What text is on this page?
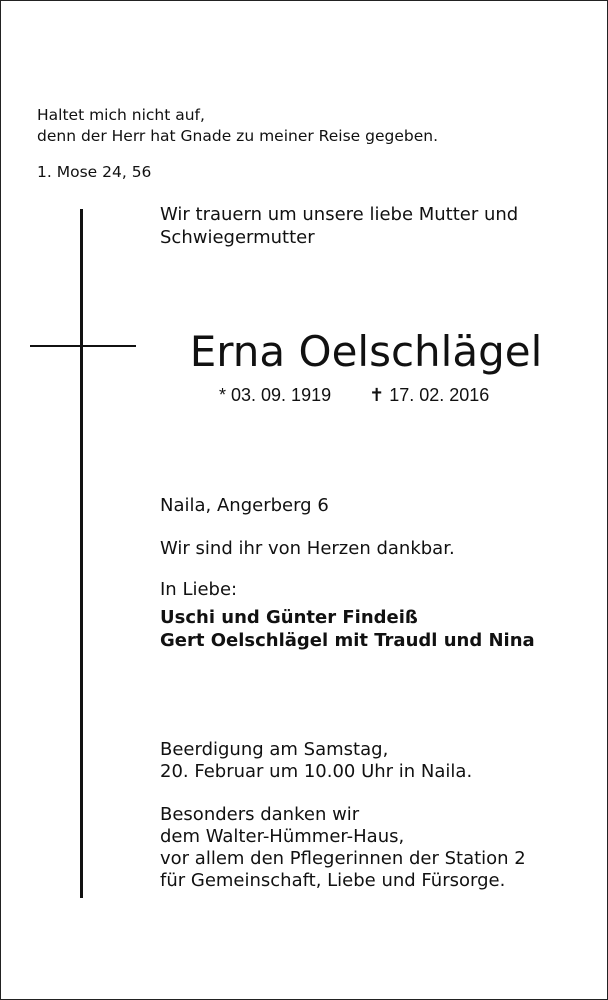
Haltet mich nicht auf,
denn der Herr hat Gnade zu meiner Reise gegeben.
1. Mose 24, 56
Wir trauern um unsere liebe Mutter und
Schwiegermutter
Erna Oelschlägel
* 03. 09. 1919 ✝ 17. 02. 2016
Naila, Angerberg 6
Wir sind ihr von Herzen dankbar.
In Liebe:
Uschi und Günter Findeiß
Gert Oelschlägel mit Traudl und Nina
Beerdigung am Samstag,
20. Februar um 10.00 Uhr in Naila.
Besonders danken wir
dem Walter-Hümmer-Haus,
vor allem den Pflegerinnen der Station 2
für Gemeinschaft, Liebe und Fürsorge.
